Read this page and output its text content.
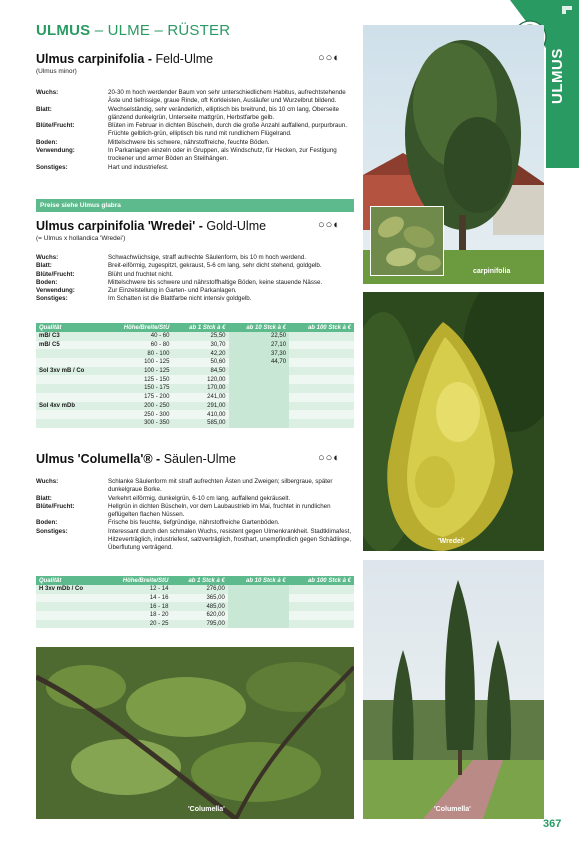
ULMUS
ULMUS – ULME – RÜSTER
Ulmus carpinifolia - Feld-Ulme	○○◐
(Ulmus minor)
Wuchs:	20-30 m hoch werdender Baum von sehr unterschiedlichem Habitus, aufrechtstehende Äste und tiefrissige, graue Rinde, oft Korkleisten, Ausläufer und Wurzelbrut bildend.
Blatt:	Wechselständig, sehr veränderlich, elliptisch bis breitrund, bis 10 cm lang, Oberseite glänzend dunkelgrün, Unterseite mattgrün, Herbstfarbe gelb.
Blüte/Frucht:	Blüten im Februar in dichten Büscheln, durch die große Anzahl auffallend, purpurbraun. Früchte gelblich-grün, elliptisch bis rund mit rundlichem Flügelrand.
Boden:	Mittelschwere bis schwere, nährstoffreiche, feuchte Böden.
Verwendung:	In Parkanlagen einzeln oder in Gruppen, als Windschutz, für Hecken, zur Festigung trockener und armer Böden an Steilhängen.
Sonstiges:	Hart und industriefest.
Preise siehe Ulmus glabra
Ulmus carpinifolia 'Wredei' - Gold-Ulme	○○◐
(= Ulmus x hollandica 'Wredei')
Wuchs:	Schwachwüchsige, straff aufrechte Säulenform, bis 10 m hoch werdend.
Blatt:	Breit-eiförmig, zugespitzt, gekraust, 5-6 cm lang, sehr dicht stehend, goldgelb.
Blüte/Frucht:	Blüht und fruchtet nicht.
Boden:	Mittelschwere bis schwere und nährstoffhaltige Böden, keine stauende Nässe.
Verwendung:	Zur Einzelstellung in Garten- und Parkanlagen.
Sonstiges:	Im Schatten ist die Blattfarbe nicht intensiv goldgelb.
Qualität	Höhe/Breite/StU	ab 1 Stck à €	ab 10 Stck à €	ab 100 Stck à €
mB/ C3	40 - 60	25,50	22,50	
mB/ C5	60 - 80	30,70	27,10	
	80 - 100	42,20	37,30	
	100 - 125	50,60	44,70	
Sol 3xv mB / Co	100 - 125	84,50		
	125 - 150	120,00		
	150 - 175	170,00		
	175 - 200	241,00		
Sol 4xv mDb	200 - 250	291,00		
	250 - 300	410,00		
	300 - 350	585,00		
Ulmus 'Columella'® - Säulen-Ulme	○○◐
Wuchs:	Schlanke Säulenform mit straff aufrechten Ästen und Zweigen; silbergraue, später dunkelgraue Borke.
Blatt:	Verkehrt eiförmig, dunkelgrün, 6-10 cm lang, auffallend gekräuselt.
Blüte/Frucht:	Hellgrün in dichten Büscheln, vor dem Laubaustrieb im Mai, fruchtet in rundlichen geflügelten flachen Nüssen.
Boden:	Frische bis feuchte, tiefgründige, nährstoffreiche Gartenböden.
Sonstiges:	Interessant durch den schmalen Wuchs, resistent gegen Ulmenkrankheit. Stadtklimafest, Hitzeverträglich, industriefest, salzverträglich, frosthart, unempfindlich gegen Schädlinge, Überflutung verträgend.
Qualität	Höhe/Breite/StU	ab 1 Stck à €	ab 10 Stck à €	ab 100 Stck à €
H 3xv mDb / Co	12 - 14	276,00		
	14 - 16	365,00		
	16 - 18	485,00		
	18 - 20	620,00		
	20 - 25	795,00		
carpinifolia
'Wredei'
'Columella'
'Columella'
367
